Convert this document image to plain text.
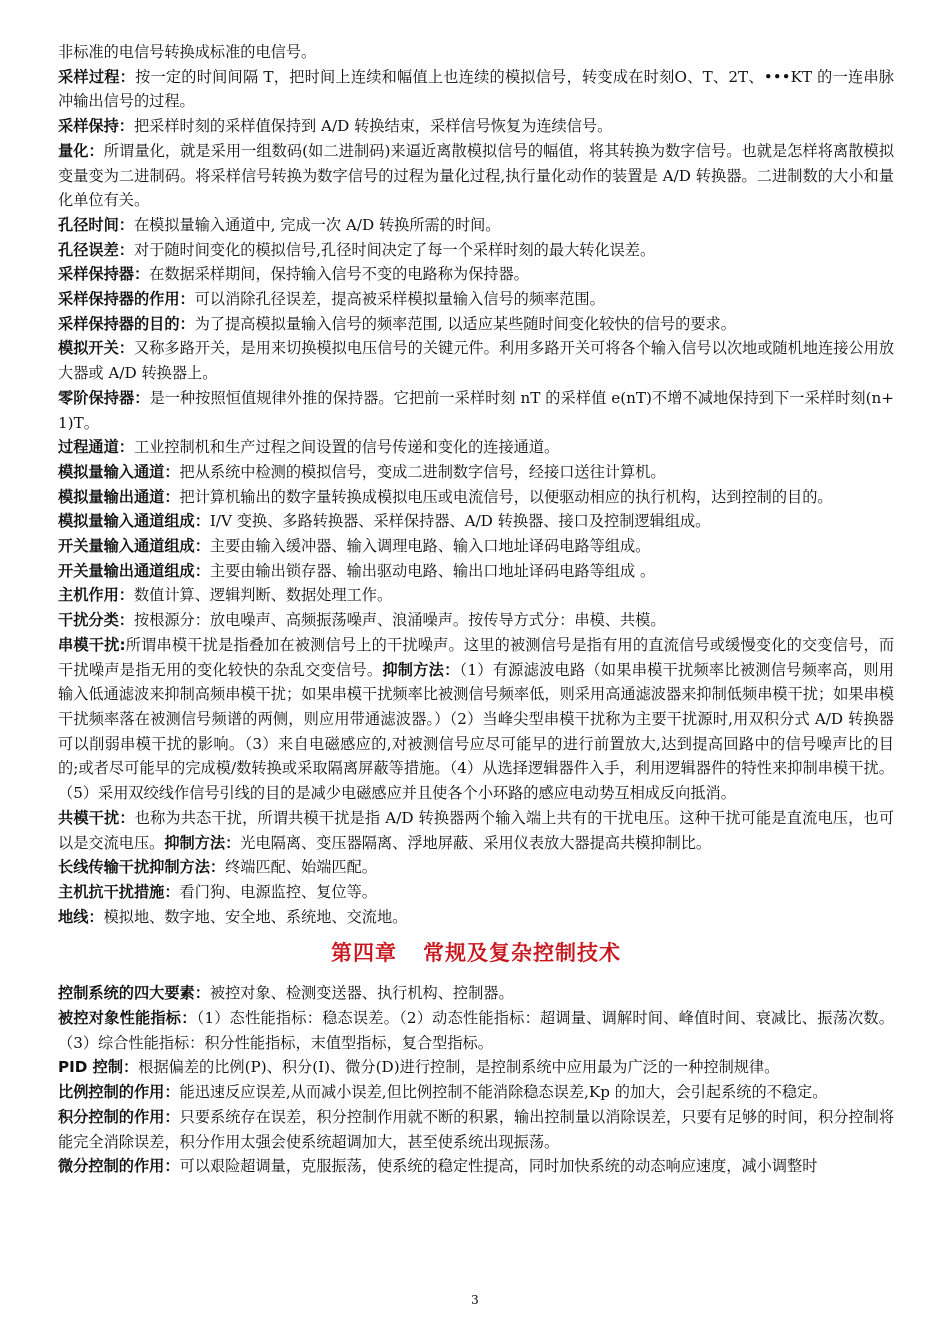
非标准的电信号转换成标准的电信号。

采样过程：按一定的时间间隔 T，把时间上连续和幅值上也连续的模拟信号，转变成在时刻O、T、2T、•••KT 的一连串脉冲输出信号的过程。

采样保持：把采样时刻的采样值保持到 A/D 转换结束，采样信号恢复为连续信号。

量化：所谓量化，就是采用一组数码(如二进制码)来逼近离散模拟信号的幅值，将其转换为数字信号。也就是怎样将离散模拟变量变为二进制码。将采样信号转换为数字信号的过程为量化过程,执行量化动作的装置是 A/D 转换器。二进制数的大小和量化单位有关。

孔径时间：在模拟量输入通道中, 完成一次 A/D 转换所需的时间。

孔径误差：对于随时间变化的模拟信号,孔径时间决定了每一个采样时刻的最大转化误差。

采样保持器：在数据采样期间，保持输入信号不变的电路称为保持器。

采样保持器的作用：可以消除孔径误差，提高被采样模拟量输入信号的频率范围。

采样保持器的目的：为了提高模拟量输入信号的频率范围, 以适应某些随时间变化较快的信号的要求。

模拟开关：又称多路开关，是用来切换模拟电压信号的关键元件。利用多路开关可将各个输入信号以次地或随机地连接公用放大器或 A/D 转换器上。

零阶保持器：是一种按照恒值规律外推的保持器。它把前一采样时刻 nT 的采样值 e(nT)不增不减地保持到下一采样时刻(n+1)T。

过程通道：工业控制机和生产过程之间设置的信号传递和变化的连接通道。

模拟量输入通道：把从系统中检测的模拟信号，变成二进制数字信号，经接口送往计算机。

模拟量输出通道：把计算机输出的数字量转换成模拟电压或电流信号，以便驱动相应的执行机构，达到控制的目的。

模拟量输入通道组成：I/V 变换、多路转换器、采样保持器、A/D 转换器、接口及控制逻辑组成。

开关量输入通道组成：主要由输入缓冲器、输入调理电路、输入口地址译码电路等组成。

开关量输出通道组成：主要由输出锁存器、输出驱动电路、输出口地址译码电路等组成 。

主机作用：数值计算、逻辑判断、数据处理工作。

干扰分类：按根源分：放电噪声、高频振荡噪声、浪涌噪声。按传导方式分：串模、共模。

串模干扰:所谓串模干扰是指叠加在被测信号上的干扰噪声。这里的被测信号是指有用的直流信号或缓慢变化的交变信号，而干扰噪声是指无用的变化较快的杂乱交变信号。抑制方法：（1）有源滤波电路（如果串模干扰频率比被测信号频率高，则用输入低通滤波来抑制高频串模干扰；如果串模干扰频率比被测信号频率低，则采用高通滤波器来抑制低频串模干扰；如果串模干扰频率落在被测信号频谱的两侧，则应用带通滤波器。）（2）当峰尖型串模干扰称为主要干扰源时,用双积分式 A/D 转换器可以削弱串模干扰的影响。（3）来自电磁感应的,对被测信号应尽可能早的进行前置放大,达到提高回路中的信号噪声比的目的;或者尽可能早的完成模/数转换或采取隔离屏蔽等措施。（4）从选择逻辑器件入手，利用逻辑器件的特性来抑制串模干扰。（5）采用双绞线作信号引线的目的是减少电磁感应并且使各个小环路的感应电动势互相成反向抵消。

共模干扰：也称为共态干扰，所谓共模干扰是指 A/D 转换器两个输入端上共有的干扰电压。这种干扰可能是直流电压，也可以是交流电压。抑制方法：光电隔离、变压器隔离、浮地屏蔽、采用仪表放大器提高共模抑制比。

长线传输干扰抑制方法：终端匹配、始端匹配。

主机抗干扰措施：看门狗、电源监控、复位等。

地线：模拟地、数字地、安全地、系统地、交流地。

第四章 常规及复杂控制技术

控制系统的四大要素：被控对象、检测变送器、执行机构、控制器。

被控对象性能指标：（1）态性能指标：稳态误差。（2）动态性能指标：超调量、调解时间、峰值时间、衰减比、振荡次数。（3）综合性能指标：积分性能指标，末值型指标，复合型指标。

PID 控制：根据偏差的比例(P)、积分(I)、微分(D)进行控制，是控制系统中应用最为广泛的一种控制规律。

比例控制的作用：能迅速反应误差,从而减小误差,但比例控制不能消除稳态误差,Kp 的加大，会引起系统的不稳定。

积分控制的作用：只要系统存在误差，积分控制作用就不断的积累，输出控制量以消除误差，只要有足够的时间，积分控制将能完全消除误差，积分作用太强会使系统超调加大，甚至使系统出现振荡。

微分控制的作用：可以艰险超调量，克服振荡，使系统的稳定性提高，同时加快系统的动态响应速度，减小调整时

3
